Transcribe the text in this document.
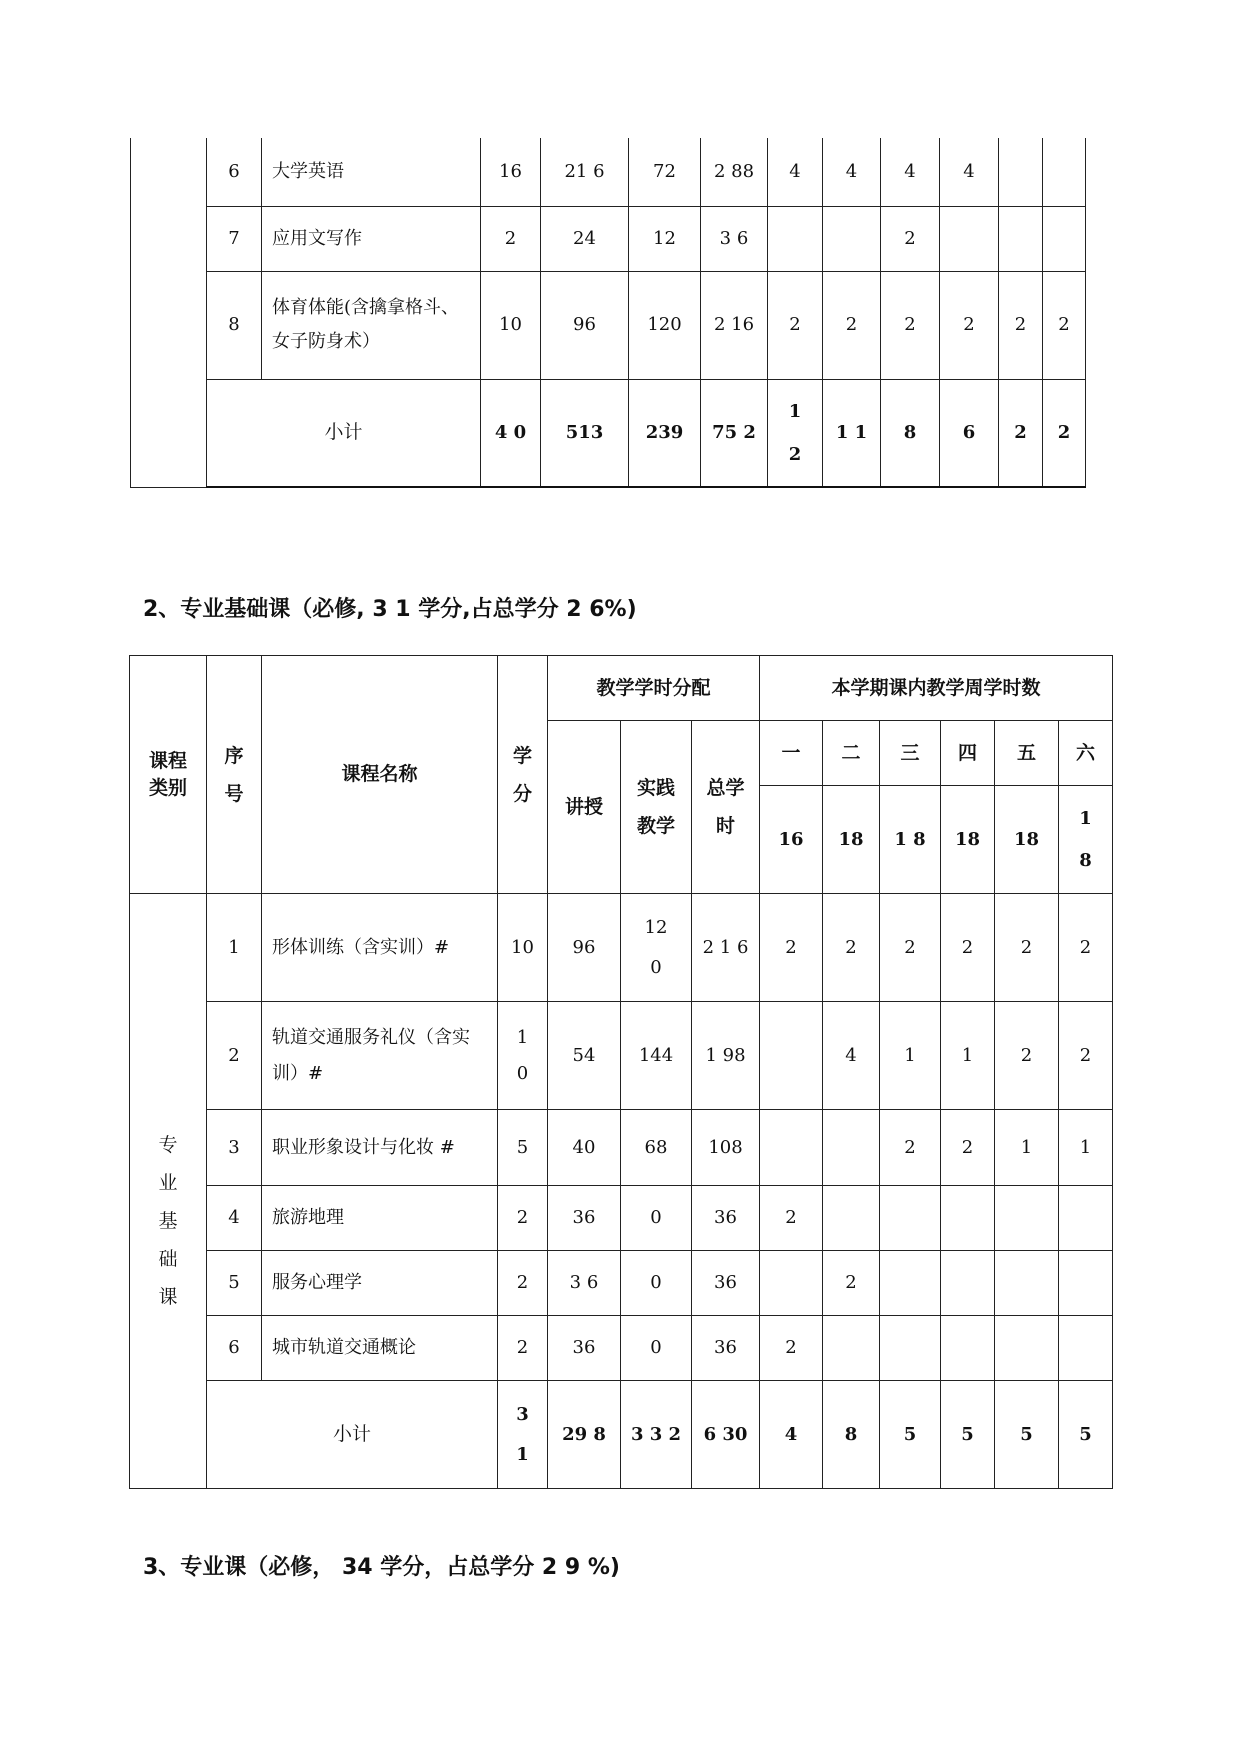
	6	大学英语	16	21 6	72	2 88	4	4	4	4		
	7	应用文写作	2	24	12	3 6			2			
	8	体育体能(含擒拿格斗、女子防身术）	10	96	120	2 16	2	2	2	2	2	2
	小计		4 0	513	239	75 2	1 2	1 1	8	6	2	2
2、专业基础课（必修, 3 1 学分,占总学分 2 6%)
课程类别	序号	课程名称	学分	教学学时分配			本学期课内教学周学时数					
				讲授	实践教学	总学时	一	二	三	四	五	六
							16	18	1 8	18	18	1 8

专业基础课	1	形体训练（含实训）#	10	96	12 0	2 1 6	2	2	2	2	2	2
	2	轨道交通服务礼仪（含实训）#	1 0	54	144	1 98		4	1	1	2	2
	3	职业形象设计与化妆 #	5	40	68	108			2	2	1	1
	4	旅游地理	2	36	0	36	2					
	5	服务心理学	2	3 6	0	36		2				
	6	城市轨道交通概论	2	36	0	36	2					
	小计		3 1	29 8	3 3 2	6 30	4	8	5	5	5	5
3、专业课（必修， 34 学分，占总学分 2 9 %)
